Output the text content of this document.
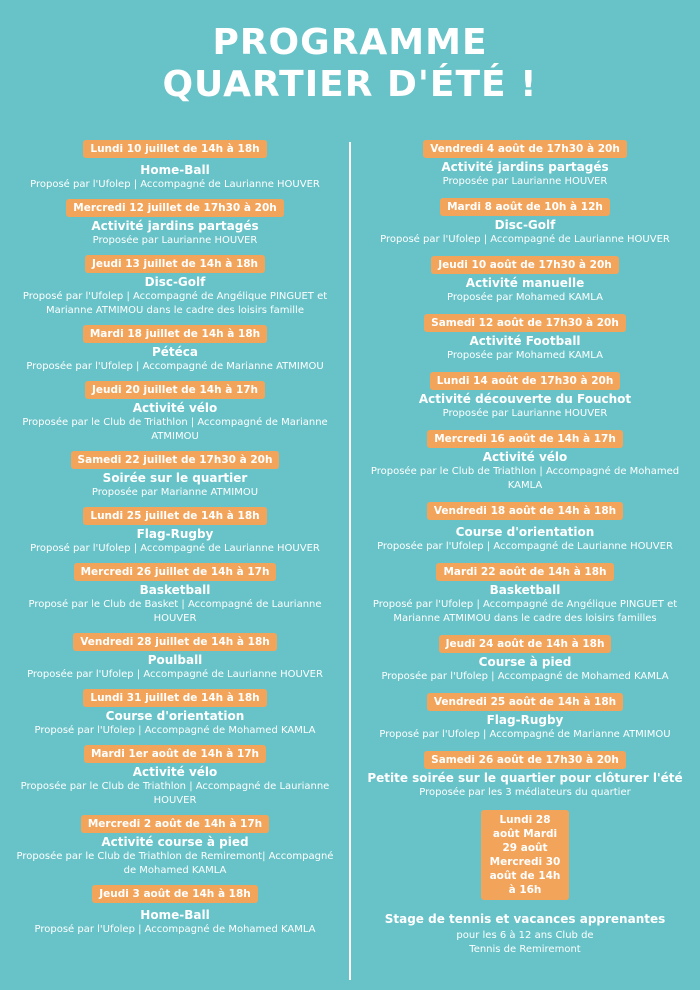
PROGRAMME
QUARTIER D'ÉTÉ !
Lundi 10 juillet de 14h à 18h
Home-Ball
Proposé par l'Ufolep | Accompagné de Laurianne HOUVER
Mercredi 12 juillet de 17h30 à 20h
Activité jardins partagés
Proposée par Laurianne HOUVER
Jeudi 13 juillet de 14h à 18h
Disc-Golf
Proposé par l'Ufolep | Accompagné de Angélique PINGUET et Marianne ATMIMOU dans le cadre des loisirs famille
Mardi 18 juillet de 14h à 18h
Pétéca
Proposée par l'Ufolep | Accompagné de Marianne ATMIMOU
Jeudi 20 juillet de 14h à 17h
Activité vélo
Proposée par le Club de Triathlon | Accompagné de Marianne ATMIMOU
Samedi 22 juillet de 17h30 à 20h
Soirée sur le quartier
Proposée par Marianne ATMIMOU
Lundi 25 juillet de 14h à 18h
Flag-Rugby
Proposé par l'Ufolep | Accompagné de Laurianne HOUVER
Mercredi 26 juillet de 14h à 17h
Basketball
Proposé par le Club de Basket | Accompagné de Laurianne HOUVER
Vendredi 28 juillet de 14h à 18h
Poulball
Proposée par l'Ufolep | Accompagné de Laurianne HOUVER
Lundi 31 juillet de 14h à 18h
Course d'orientation
Proposé par l'Ufolep | Accompagné de Mohamed KAMLA
Mardi 1er août de 14h à 17h
Activité vélo
Proposée par le Club de Triathlon | Accompagné de Laurianne HOUVER
Mercredi 2 août de 14h à 17h
Activité course à pied
Proposée par le Club de Triathlon de Remiremont| Accompagné de Mohamed KAMLA
Jeudi 3 août de 14h à 18h
Home-Ball
Proposé par l'Ufolep | Accompagné de Mohamed KAMLA
Vendredi 4 août de 17h30 à 20h
Activité jardins partagés
Proposée par Laurianne HOUVER
Mardi 8 août de 10h à 12h
Disc-Golf
Proposé par l'Ufolep | Accompagné de Laurianne HOUVER
Jeudi 10 août de 17h30 à 20h
Activité manuelle
Proposée par Mohamed KAMLA
Samedi 12 août de 17h30 à 20h
Activité Football
Proposée par Mohamed KAMLA
Lundi 14 août de 17h30 à 20h
Activité découverte du Fouchot
Proposée par Laurianne HOUVER
Mercredi 16 août de 14h à 17h
Activité vélo
Proposée par le Club de Triathlon | Accompagné de Mohamed KAMLA
Vendredi 18 août de 14h à 18h
Course d'orientation
Proposée par l'Ufolep | Accompagné de Laurianne HOUVER
Mardi 22 août de 14h à 18h
Basketball
Proposé par l'Ufolep | Accompagné de Angélique PINGUET et Marianne ATMIMOU dans le cadre des loisirs familles
Jeudi 24 août de 14h à 18h
Course à pied
Proposée par l'Ufolep | Accompagné de Mohamed KAMLA
Vendredi 25 août de 14h à 18h
Flag-Rugby
Proposé par l'Ufolep | Accompagné de Marianne ATMIMOU
Samedi 26 août de 17h30 à 20h
Petite soirée sur le quartier pour clôturer l'été
Proposée par les 3 médiateurs du quartier
Lundi 28 août Mardi 29 août Mercredi 30 août de 14h à 16h
Stage de tennis et vacances apprenantes
pour les 6 à 12 ans Club de Tennis de Remiremont
